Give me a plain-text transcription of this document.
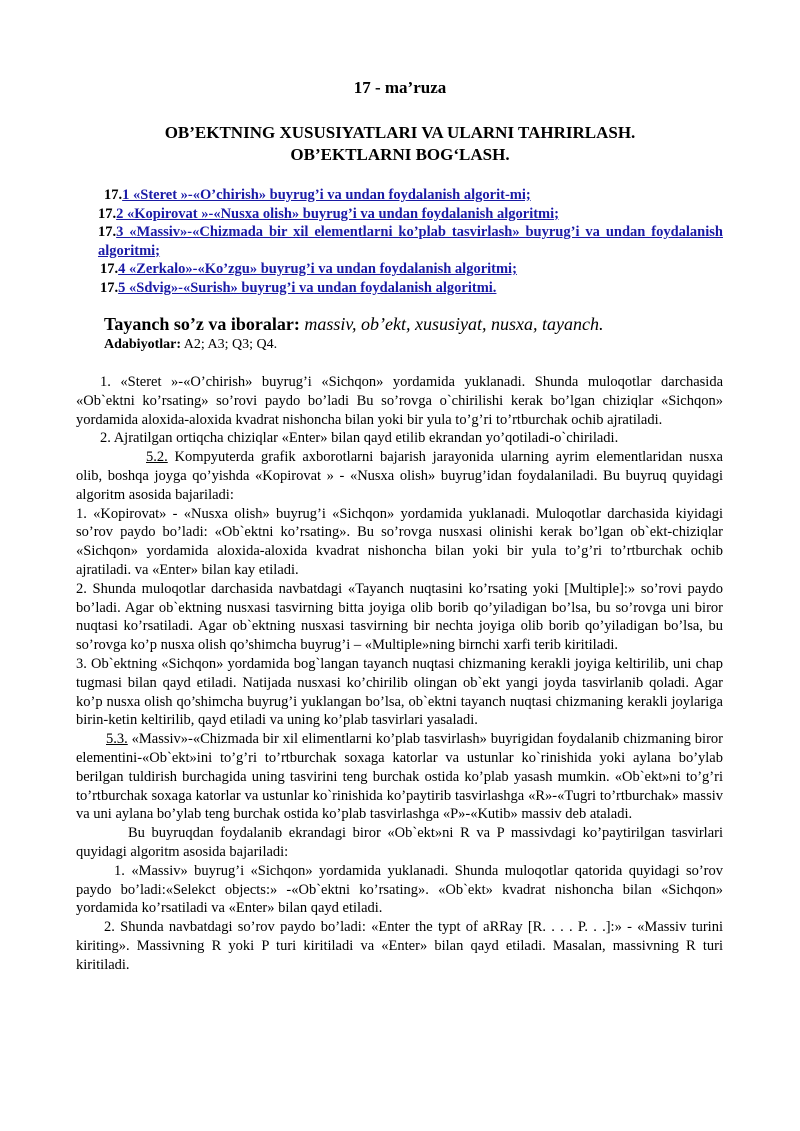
17 - ma’ruza
OB’EKTNING XUSUSIYATLARI VA ULARNI TAHRIRLASH.
OB’EKTLARNI BOG‘LASH.
17.1 «Steret »-«O’chirish» buyrug’i va undan foydalanish algorit-mi;
17.2 «Kopirovat »-«Nusxa olish» buyrug’i va undan foydalanish algoritmi;
17.3 «Massiv»-«Chizmada bir xil elementlarni ko’plab tasvirlash» buyrug’i va undan foydalanish algoritmi;
17.4 «Zerkalo»-«Ko’zgu» buyrug’i va undan foydalanish algoritmi;
17.5 «Sdvig»-«Surish» buyrug’i va undan foydalanish algoritmi.

Tayanch so’z va iboralar: massiv, ob’ekt, xususiyat, nusxa, tayanch.

Adabiyotlar: A2; A3; Q3; Q4.

1. «Steret »-«O’chirish» buyrug’i «Sichqon» yordamida yuklanadi. Shunda muloqotlar darchasida «Ob`ektni ko’rsating» so’rovi paydo bo’ladi Bu so’rovga o`chirilishi kerak bo’lgan chiziqlar «Sichqon» yordamida aloxida-aloxida kvadrat nishoncha bilan yoki bir yula to’g’ri to’rtburchak ochib ajratiladi.

2. Ajratilgan ortiqcha chiziqlar «Enter» bilan qayd etilib ekrandan yo’qotiladi-o`chiriladi.

5.2. Kompyuterda grafik axborotlarni bajarish jarayonida ularning ayrim elementlaridan nusxa olib, boshqa joyga qo’yishda «Kopirovat » - «Nusxa olish» buyrug’idan foydalaniladi. Bu buyruq quyidagi algoritm asosida bajariladi:

1. «Kopirovat» - «Nusxa olish» buyrug’i «Sichqon» yordamida yuklanadi. Muloqotlar darchasida kiyidagi so’rov paydo bo’ladi: «Ob`ektni ko’rsating». Bu so’rovga nusxasi olinishi kerak bo’lgan ob`ekt-chiziqlar «Sichqon» yordamida aloxida-aloxida kvadrat nishoncha bilan yoki bir yula to’g’ri to’rtburchak ochib ajratiladi. va «Enter» bilan kay etiladi.

2. Shunda muloqotlar darchasida navbatdagi «Tayanch nuqtasini ko’rsating yoki [Multiple]:» so’rovi paydo bo’ladi. Agar ob`ektning nusxasi tasvirning bitta joyiga olib borib qo’yiladigan bo’lsa, bu so’rovga uni biror nuqtasi ko’rsatiladi. Agar ob`ektning nusxasi tasvirning bir nechta joyiga olib borib qo’yiladigan bo’lsa, bu so’rovga ko’p nusxa olish qo’shimcha buyrug’i – «Multiple»ning birnchi xarfi terib kiritiladi.

3. Ob`ektning «Sichqon» yordamida bog`langan tayanch nuqtasi chizmaning kerakli joyiga keltirilib, uni chap tugmasi bilan qayd etiladi. Natijada nusxasi ko’chirilib olingan ob`ekt yangi joyda tasvirlanib qoladi. Agar ko’p nusxa olish qo’shimcha buyrug’i yuklangan bo’lsa, ob`ektni tayanch nuqtasi chizmaning kerakli joylariga birin-ketin keltirilib, qayd etiladi va uning ko’plab tasvirlari yasaladi.

5.3. «Massiv»-«Chizmada bir xil elimentlarni ko’plab tasvirlash» buyrigidan foydalanib chizmaning biror elementini-«Ob`ekt»ini to’g’ri to’rtburchak soxaga katorlar va ustunlar ko`rinishida yoki aylana bo’ylab berilgan tuldirish burchagida uning tasvirini teng burchak ostida ko’plab yasash mumkin. «Ob`ekt»ni to’g’ri to’rtburchak soxaga katorlar va ustunlar ko`rinishida ko’paytirib tasvirlashga «R»-«Tugri to’rtburchak» massiv va uni aylana bo’ylab teng burchak ostida ko’plab tasvirlashga «P»-«Kutib» massiv deb ataladi.

Bu buyruqdan foydalanib ekrandagi biror «Ob`ekt»ni R va P massivdagi ko’paytirilgan tasvirlari quyidagi algoritm asosida bajariladi:

1. «Massiv» buyrug’i «Sichqon» yordamida yuklanadi. Shunda muloqotlar qatorida quyidagi so’rov paydo bo’ladi:«Selekct objects:» -«Ob`ektni ko’rsating». «Ob`ekt» kvadrat nishoncha bilan «Sichqon» yordamida ko’rsatiladi va «Enter» bilan qayd etiladi.

2. Shunda navbatdagi so’rov paydo bo’ladi: «Enter the typt of aRRay [R. . . . P. . .]:» - «Massiv turini kiriting». Massivning R yoki P turi kiritiladi va «Enter» bilan qayd etiladi. Masalan, massivning R turi kiritiladi.
